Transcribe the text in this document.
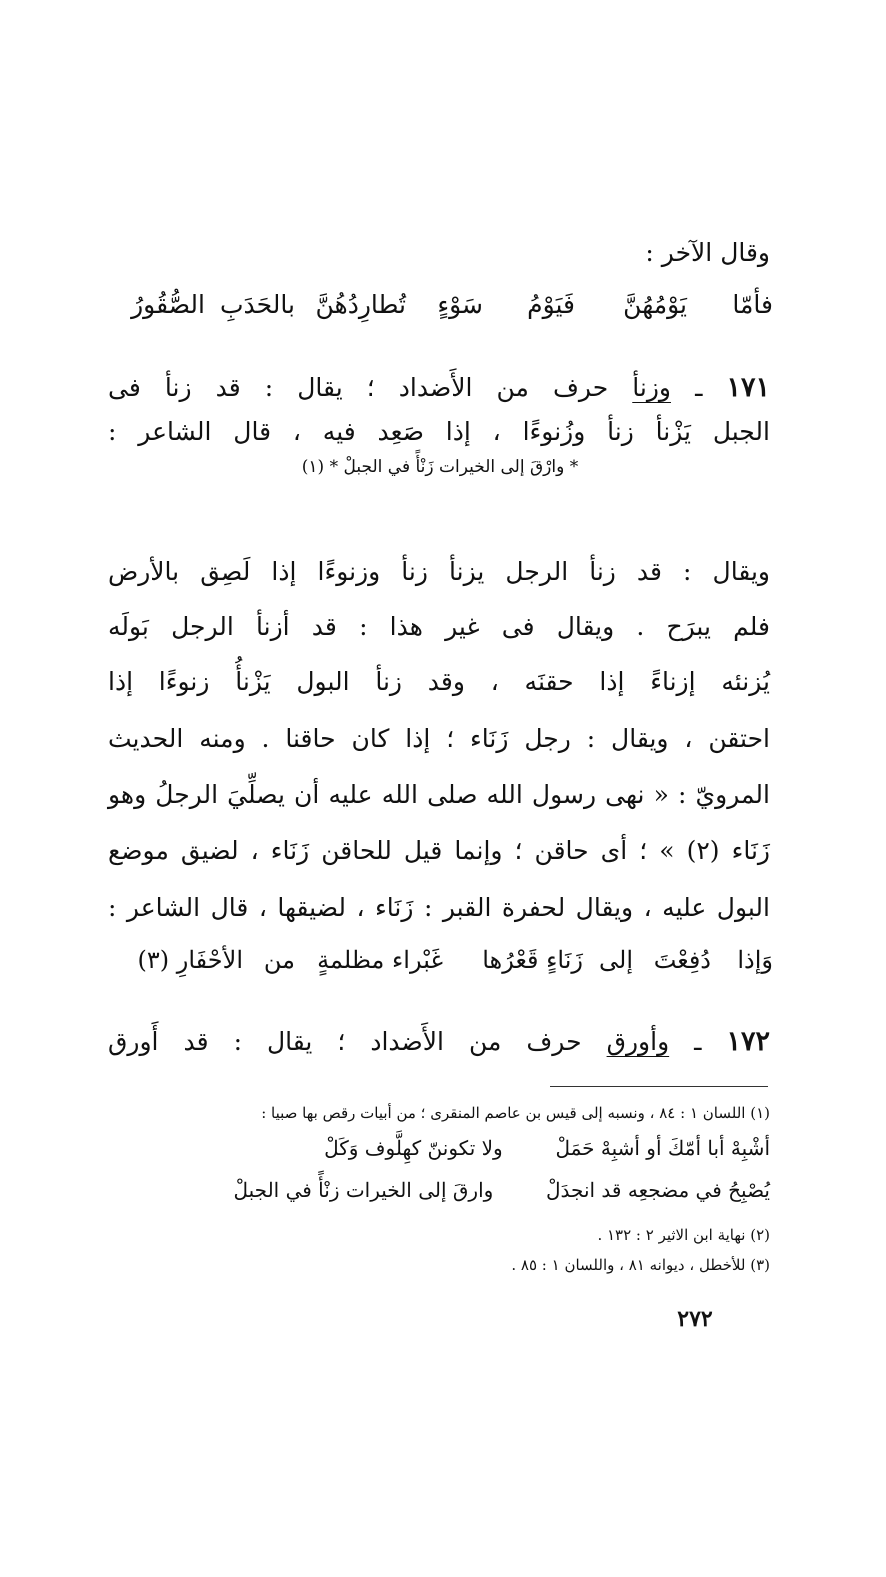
وقال الآخر :
فأمّا
يَوْمُهُنَّ
فَيَوْمُ
سَوْءٍ
تُطارِدُهُنَّ
بالحَدَبِ
الصُّقُورُ
١٧١ ـ وزنأ حرف من الأَضداد ؛ يقال : قد زنأ فى
الجبل يَزْنأ زنأ وزُنوءًا ، إذا صَعِد فيه ، قال الشاعر :
* وارْقَ إلى الخيرات زَنْأً في الجبلْ * (١)
ويقال : قد زنأ الرجل يزنأ زنأ وزنوءًا إذا لَصِق بالأرض
فلم يبرَح . ويقال فى غير هذا : قد أزنأ الرجل بَولَه
يُزنئه إزناءً إذا حقنَه ، وقد زنأ البول يَزْنأُ زنوءًا إذا
احتقن ، ويقال : رجل زَنَاء ؛ إذا كان حاقنا . ومنه الحديث
المرويّ : « نهى رسول الله صلى الله عليه أن يصلِّيَ الرجلُ وهو
زَنَاء (٢) » ؛ أى حاقن ؛ وإنما قيل للحاقن زَنَاء ، لضيق موضع
البول عليه ، ويقال لحفرة القبر : زَنَاء ، لضيقها ، قال الشاعر :
وَإذا
دُفِعْتَ
إلى
زَنَاءٍ قَعْرُها
غَبْراء مظلمةٍ
من
الأحْفَارِ (٣)
١٧٢ ـ وأورق حرف من الأَضداد ؛ يقال : قد أَورق
(١) اللسان ١ : ٨٤ ، ونسبه إلى قيس بن عاصم المنقرى ؛ من أبيات رقص بها صبيا :
أشْبِهْ أبا أمّكَ أو أشبِهْ حَمَلْ  ولا تكوننّ كهِلَّوف وَكَلْ
يُصْبِحُ في مضجعِه قد انجدَلْ  وارقَ إلى الخيرات زنْأً في الجبلْ
(٢) نهاية ابن الاثير ٢ : ١٣٢ .
(٣) للأخطل ، ديوانه ٨١ ، واللسان ١ : ٨٥ .
٢٧٢
